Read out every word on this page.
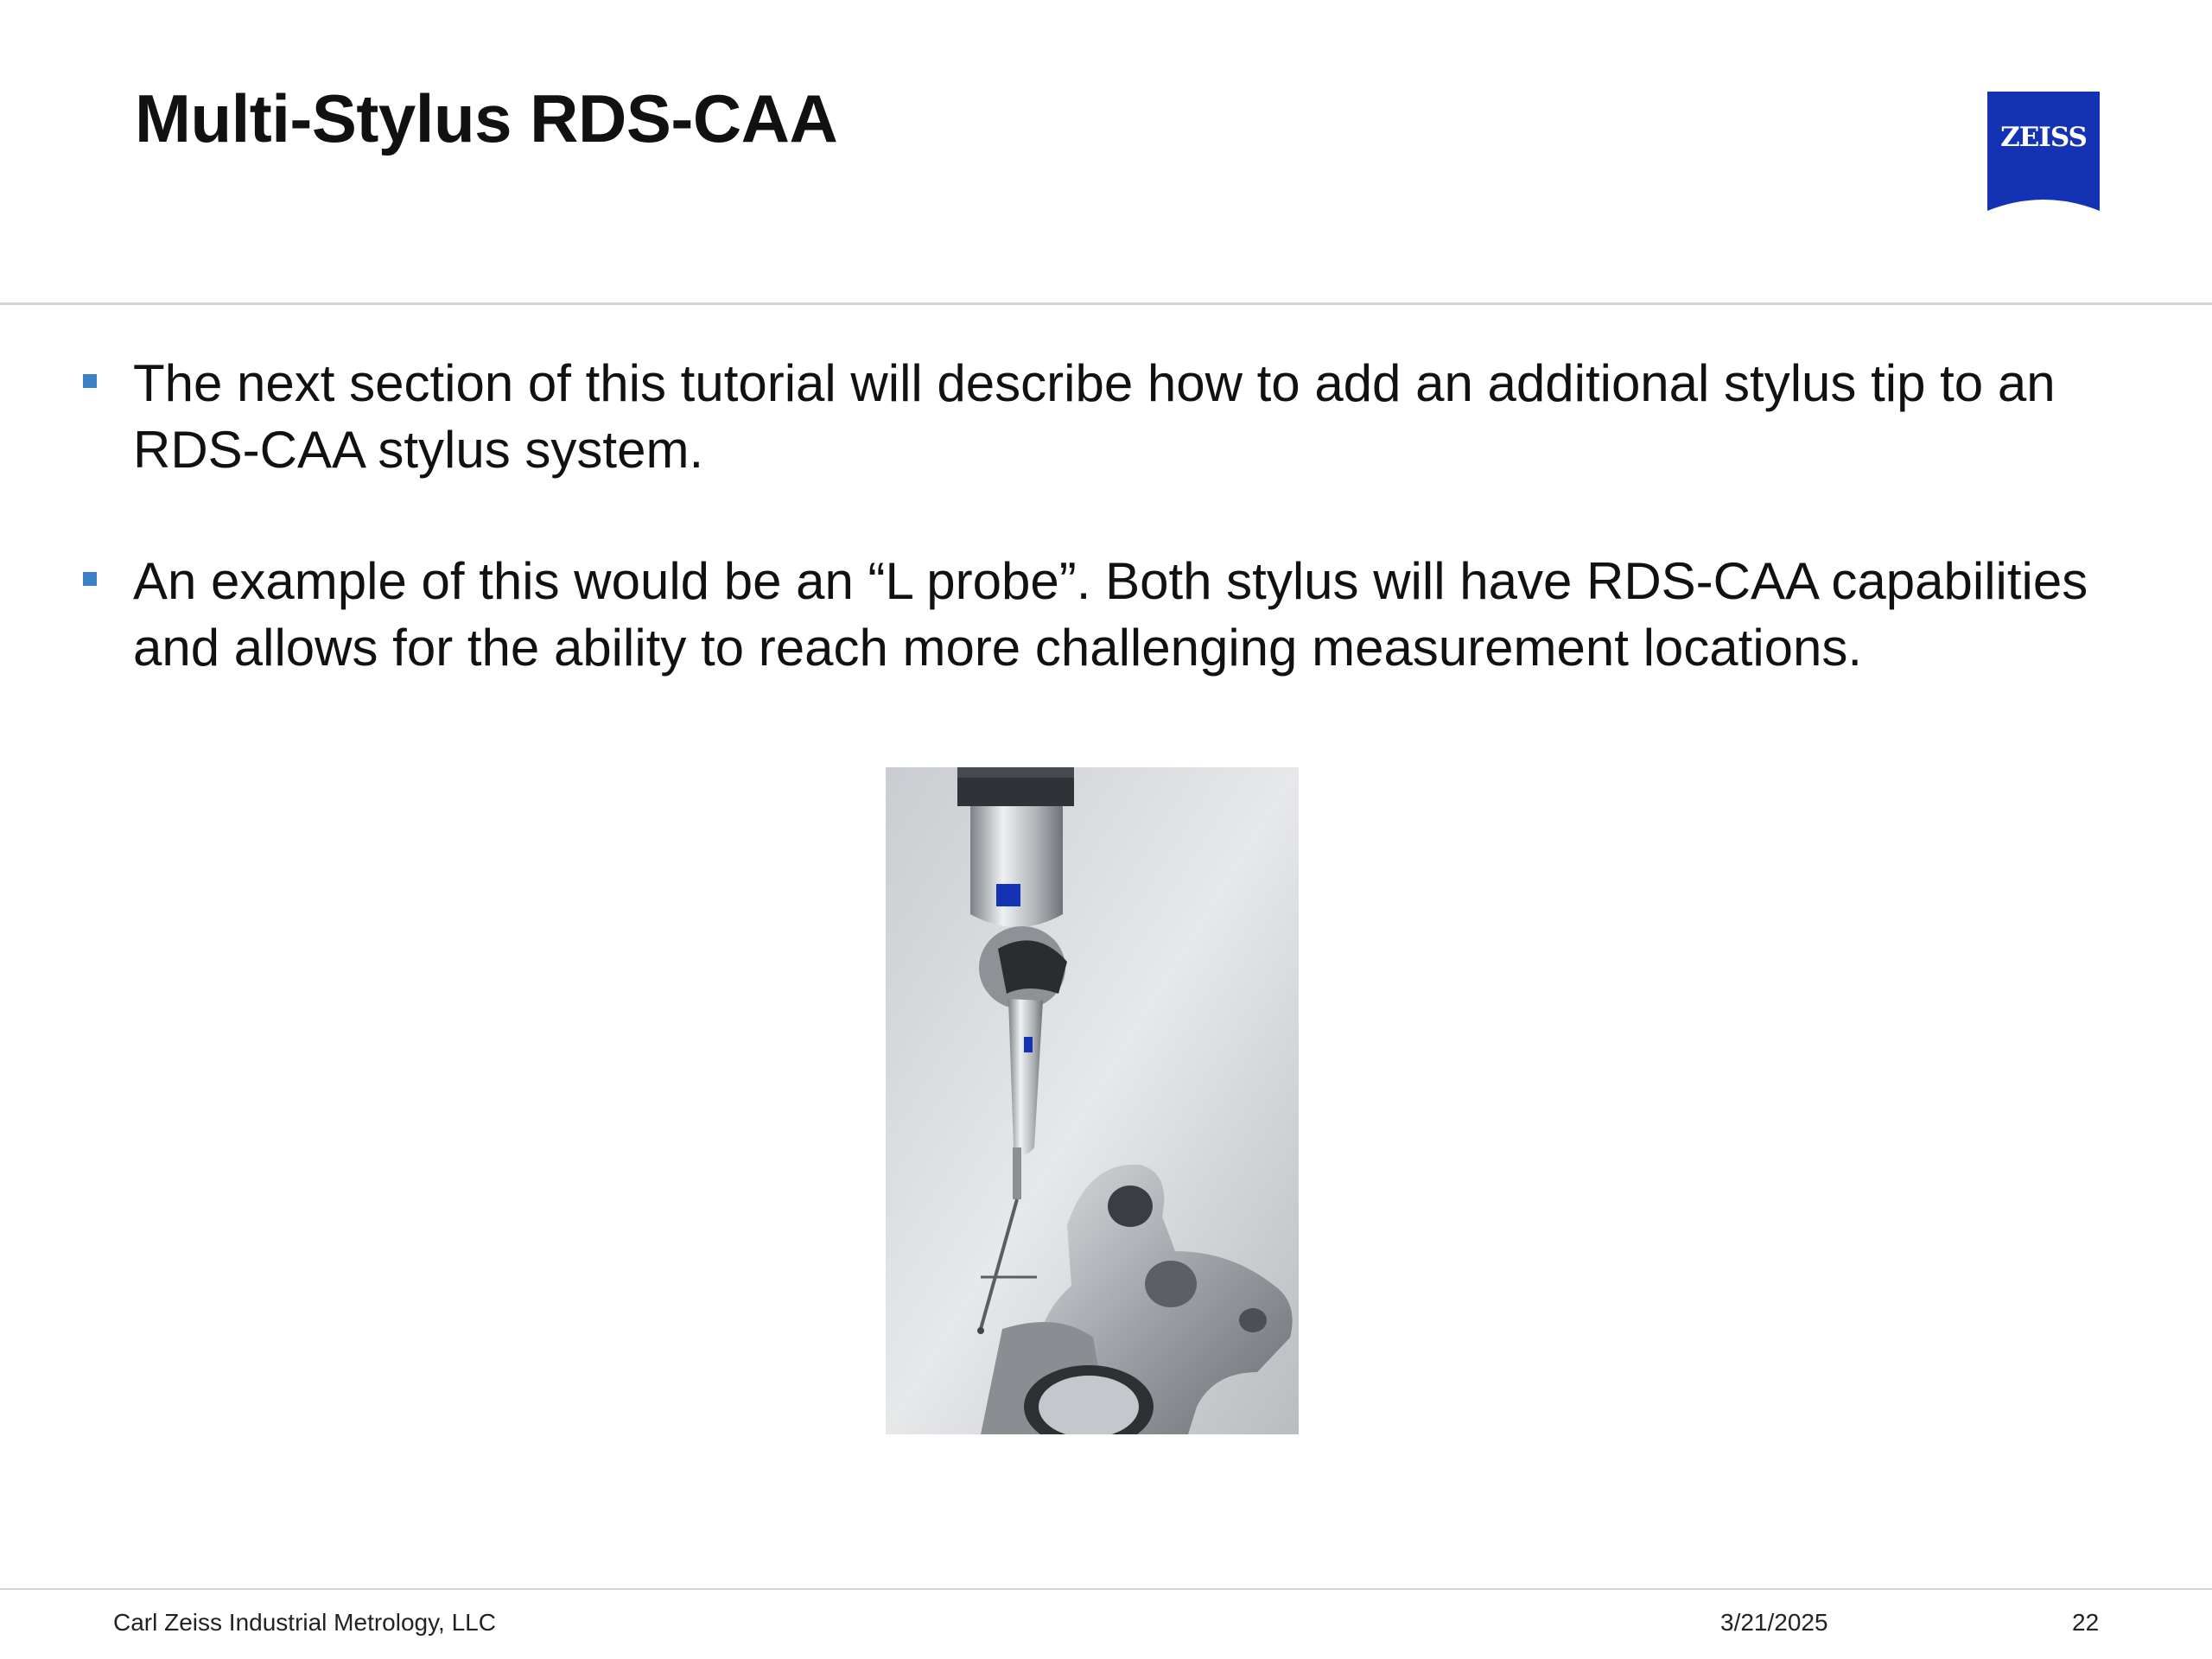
Multi-Stylus RDS-CAA	ZEISS
The next section of this tutorial will describe how to add an additional stylus tip to an RDS-CAA stylus system.
An example of this would be an “L probe”. Both stylus will have RDS-CAA capabilities and allows for the ability to reach more challenging measurement locations.
Carl Zeiss Industrial Metrology, LLC	3/21/2025	22
